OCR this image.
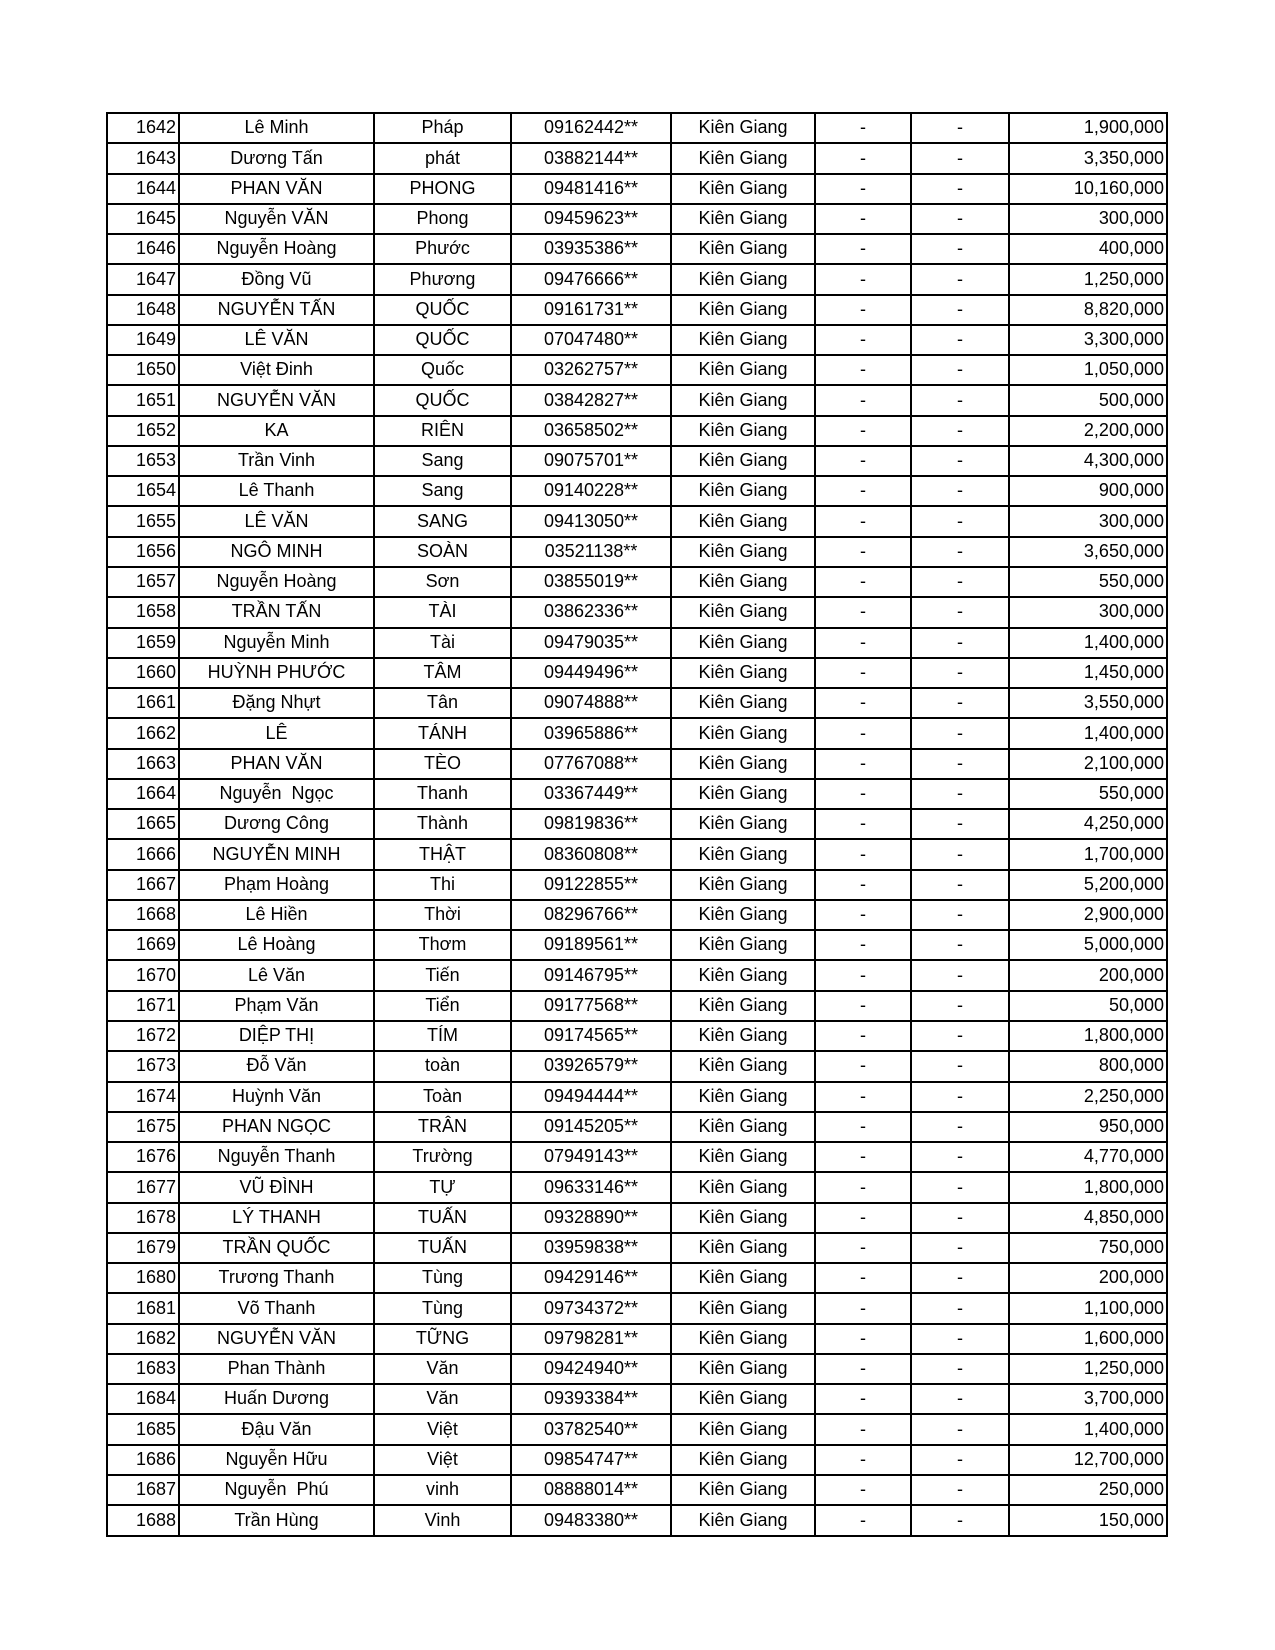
1642	Lê Minh	Pháp	09162442**	Kiên Giang	-	-	1,900,000
1643	Dương Tấn	phát	03882144**	Kiên Giang	-	-	3,350,000
1644	PHAN VĂN	PHONG	09481416**	Kiên Giang	-	-	10,160,000
1645	Nguyễn VĂN	Phong	09459623**	Kiên Giang	-	-	300,000
1646	Nguyễn Hoàng	Phước	03935386**	Kiên Giang	-	-	400,000
1647	Đồng Vũ	Phương	09476666**	Kiên Giang	-	-	1,250,000
1648	NGUYỄN TẤN	QUỐC	09161731**	Kiên Giang	-	-	8,820,000
1649	LÊ VĂN	QUỐC	07047480**	Kiên Giang	-	-	3,300,000
1650	Việt Đinh	Quốc	03262757**	Kiên Giang	-	-	1,050,000
1651	NGUYỄN VĂN	QUỐC	03842827**	Kiên Giang	-	-	500,000
1652	KA	RIÊN	03658502**	Kiên Giang	-	-	2,200,000
1653	Trần Vinh	Sang	09075701**	Kiên Giang	-	-	4,300,000
1654	Lê Thanh	Sang	09140228**	Kiên Giang	-	-	900,000
1655	LÊ VĂN	SANG	09413050**	Kiên Giang	-	-	300,000
1656	NGÔ MINH	SOÀN	03521138**	Kiên Giang	-	-	3,650,000
1657	Nguyễn Hoàng	Sơn	03855019**	Kiên Giang	-	-	550,000
1658	TRẦN TẤN	TÀI	03862336**	Kiên Giang	-	-	300,000
1659	Nguyễn Minh	Tài	09479035**	Kiên Giang	-	-	1,400,000
1660	HUỲNH PHƯỚC	TÂM	09449496**	Kiên Giang	-	-	1,450,000
1661	Đặng Nhựt	Tân	09074888**	Kiên Giang	-	-	3,550,000
1662	LÊ	TÁNH	03965886**	Kiên Giang	-	-	1,400,000
1663	PHAN VĂN	TÈO	07767088**	Kiên Giang	-	-	2,100,000
1664	Nguyễn  Ngọc	Thanh	03367449**	Kiên Giang	-	-	550,000
1665	Dương Công	Thành	09819836**	Kiên Giang	-	-	4,250,000
1666	NGUYỄN MINH	THẬT	08360808**	Kiên Giang	-	-	1,700,000
1667	Phạm Hoàng	Thi	09122855**	Kiên Giang	-	-	5,200,000
1668	Lê Hiền	Thời	08296766**	Kiên Giang	-	-	2,900,000
1669	Lê Hoàng	Thơm	09189561**	Kiên Giang	-	-	5,000,000
1670	Lê Văn	Tiến	09146795**	Kiên Giang	-	-	200,000
1671	Phạm Văn	Tiển	09177568**	Kiên Giang	-	-	50,000
1672	DIỆP THỊ	TÍM	09174565**	Kiên Giang	-	-	1,800,000
1673	Đỗ Văn	toàn	03926579**	Kiên Giang	-	-	800,000
1674	Huỳnh Văn	Toàn	09494444**	Kiên Giang	-	-	2,250,000
1675	PHAN NGỌC	TRÂN	09145205**	Kiên Giang	-	-	950,000
1676	Nguyễn Thanh	Trường	07949143**	Kiên Giang	-	-	4,770,000
1677	VŨ ĐÌNH	TỰ	09633146**	Kiên Giang	-	-	1,800,000
1678	LÝ THANH	TUẤN	09328890**	Kiên Giang	-	-	4,850,000
1679	TRẦN QUỐC	TUẤN	03959838**	Kiên Giang	-	-	750,000
1680	Trương Thanh	Tùng	09429146**	Kiên Giang	-	-	200,000
1681	Võ Thanh	Tùng	09734372**	Kiên Giang	-	-	1,100,000
1682	NGUYỄN VĂN	TỮNG	09798281**	Kiên Giang	-	-	1,600,000
1683	Phan Thành	Văn	09424940**	Kiên Giang	-	-	1,250,000
1684	Huấn Dương	Văn	09393384**	Kiên Giang	-	-	3,700,000
1685	Đậu Văn	Việt	03782540**	Kiên Giang	-	-	1,400,000
1686	Nguyễn Hữu	Việt	09854747**	Kiên Giang	-	-	12,700,000
1687	Nguyễn  Phú	vinh	08888014**	Kiên Giang	-	-	250,000
1688	Trần Hùng	Vinh	09483380**	Kiên Giang	-	-	150,000
